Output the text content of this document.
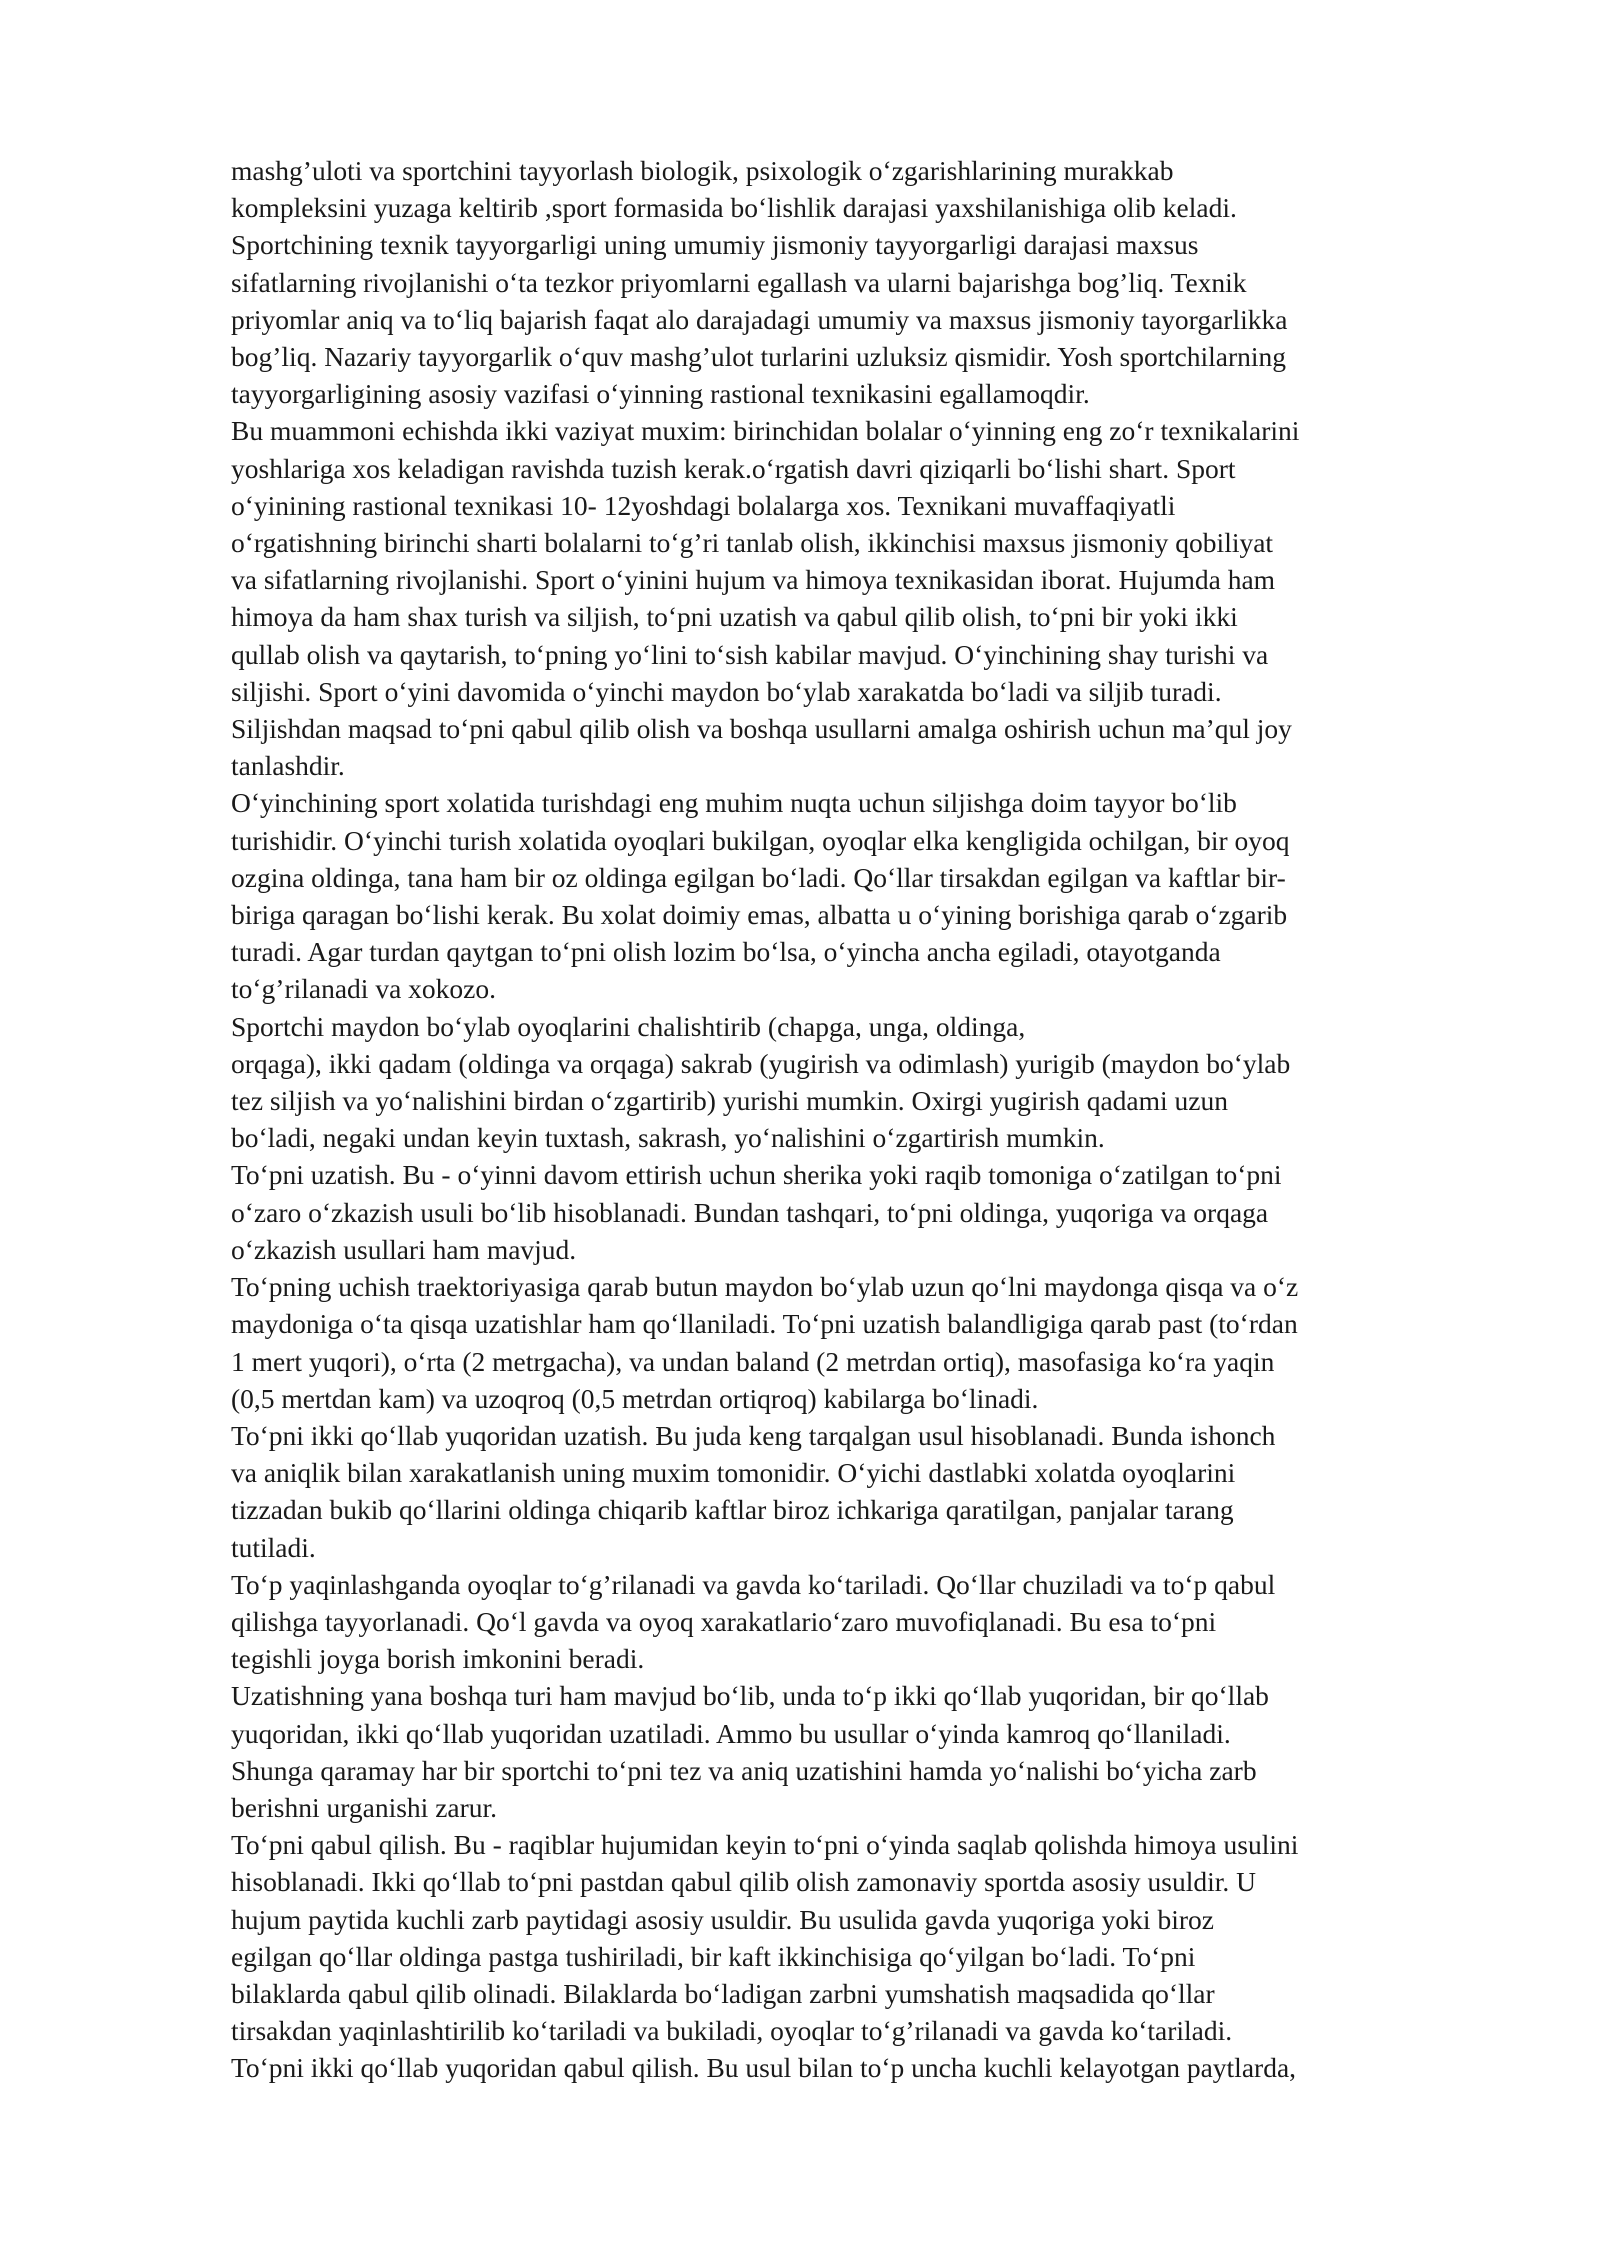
mashg’uloti va sportchini tayyorlash biologik, psixologik o‘zgarishlarining murakkab

kompleksini yuzaga keltirib ,sport formasida bo‘lishlik darajasi yaxshilanishiga olib keladi.

Sportchining texnik tayyorgarligi uning umumiy jismoniy tayyorgarligi darajasi maxsus

sifatlarning rivojlanishi o‘ta tezkor priyomlarni egallash va ularni bajarishga bog’liq. Texnik

priyomlar aniq va to‘liq bajarish faqat alo darajadagi umumiy va maxsus jismoniy tayorgarlikka

bog’liq. Nazariy tayyorgarlik o‘quv mashg’ulot turlarini uzluksiz qismidir. Yosh sportchilarning

tayyorgarligining asosiy vazifasi o‘yinning rastional texnikasini egallamoqdir.

Bu muammoni echishda ikki vaziyat muxim: birinchidan bolalar o‘yinning eng zo‘r texnikalarini

yoshlariga xos keladigan ravishda tuzish kerak.o‘rgatish davri qiziqarli bo‘lishi shart. Sport

o‘yinining rastional texnikasi 10- 12yoshdagi bolalarga xos. Texnikani muvaffaqiyatli

o‘rgatishning birinchi sharti bolalarni to‘g’ri tanlab olish, ikkinchisi maxsus jismoniy qobiliyat

va sifatlarning rivojlanishi. Sport o‘yinini hujum va himoya texnikasidan iborat. Hujumda ham

himoya da ham shax turish va siljish, to‘pni uzatish va qabul qilib olish, to‘pni bir yoki ikki

qullab olish va qaytarish, to‘pning yo‘lini to‘sish kabilar mavjud. O‘yinchining shay turishi va

siljishi. Sport o‘yini davomida o‘yinchi maydon bo‘ylab xarakatda bo‘ladi va siljib turadi.

Siljishdan maqsad to‘pni qabul qilib olish va boshqa usullarni amalga oshirish uchun ma’qul joy

tanlashdir.

O‘yinchining sport xolatida turishdagi eng muhim nuqta uchun siljishga doim tayyor bo‘lib

turishidir. O‘yinchi turish xolatida oyoqlari bukilgan, oyoqlar elka kengligida ochilgan, bir oyoq

ozgina oldinga, tana ham bir oz oldinga egilgan bo‘ladi. Qo‘llar tirsakdan egilgan va kaftlar bir-

biriga qaragan bo‘lishi kerak. Bu xolat doimiy emas, albatta u o‘yining borishiga qarab o‘zgarib

turadi. Agar turdan qaytgan to‘pni olish lozim bo‘lsa, o‘yincha ancha egiladi, otayotganda

to‘g’rilanadi va xokozo.

Sportchi maydon bo‘ylab oyoqlarini chalishtirib (chapga, unga, oldinga,

orqaga), ikki qadam (oldinga va orqaga) sakrab (yugirish va odimlash) yurigib (maydon bo‘ylab

tez siljish va yo‘nalishini birdan o‘zgartirib) yurishi mumkin. Oxirgi yugirish qadami uzun

bo‘ladi, negaki undan keyin tuxtash, sakrash, yo‘nalishini o‘zgartirish mumkin.

To‘pni uzatish. Bu - o‘yinni davom ettirish uchun sherika yoki raqib tomoniga o‘zatilgan to‘pni

o‘zaro o‘zkazish usuli bo‘lib hisoblanadi. Bundan tashqari, to‘pni oldinga, yuqoriga va orqaga

o‘zkazish usullari ham mavjud.

To‘pning uchish traektoriyasiga qarab butun maydon bo‘ylab uzun qo‘lni maydonga qisqa va o‘z

maydoniga o‘ta qisqa uzatishlar ham qo‘llaniladi. To‘pni uzatish balandligiga qarab past (to‘rdan

1 mert yuqori), o‘rta (2 metrgacha), va undan baland (2 metrdan ortiq), masofasiga ko‘ra yaqin

(0,5 mertdan kam) va uzoqroq (0,5 metrdan ortiqroq) kabilarga bo‘linadi.

To‘pni ikki qo‘llab yuqoridan uzatish. Bu juda keng tarqalgan usul hisoblanadi. Bunda ishonch

va aniqlik bilan xarakatlanish uning muxim tomonidir. O‘yichi dastlabki xolatda oyoqlarini

tizzadan bukib qo‘llarini oldinga chiqarib kaftlar biroz ichkariga qaratilgan, panjalar tarang

tutiladi.

To‘p yaqinlashganda oyoqlar to‘g’rilanadi va gavda ko‘tariladi. Qo‘llar chuziladi va to‘p qabul

qilishga tayyorlanadi. Qo‘l gavda va oyoq xarakatlario‘zaro muvofiqlanadi. Bu esa to‘pni

tegishli joyga borish imkonini beradi.

Uzatishning yana boshqa turi ham mavjud bo‘lib, unda to‘p ikki qo‘llab yuqoridan, bir qo‘llab

yuqoridan, ikki qo‘llab yuqoridan uzatiladi. Ammo bu usullar o‘yinda kamroq qo‘llaniladi.

Shunga qaramay har bir sportchi to‘pni tez va aniq uzatishini hamda yo‘nalishi bo‘yicha zarb

berishni urganishi zarur.

To‘pni qabul qilish. Bu - raqiblar hujumidan keyin to‘pni o‘yinda saqlab qolishda himoya usulini

hisoblanadi. Ikki qo‘llab to‘pni pastdan qabul qilib olish zamonaviy sportda asosiy usuldir. U

hujum paytida kuchli zarb paytidagi asosiy usuldir. Bu usulida gavda yuqoriga yoki biroz

egilgan qo‘llar oldinga pastga tushiriladi, bir kaft ikkinchisiga qo‘yilgan bo‘ladi. To‘pni

bilaklarda qabul qilib olinadi. Bilaklarda bo‘ladigan zarbni yumshatish maqsadida qo‘llar

tirsakdan yaqinlashtirilib ko‘tariladi va bukiladi, oyoqlar to‘g’rilanadi va gavda ko‘tariladi.

To‘pni ikki qo‘llab yuqoridan qabul qilish. Bu usul bilan to‘p uncha kuchli kelayotgan paytlarda,
